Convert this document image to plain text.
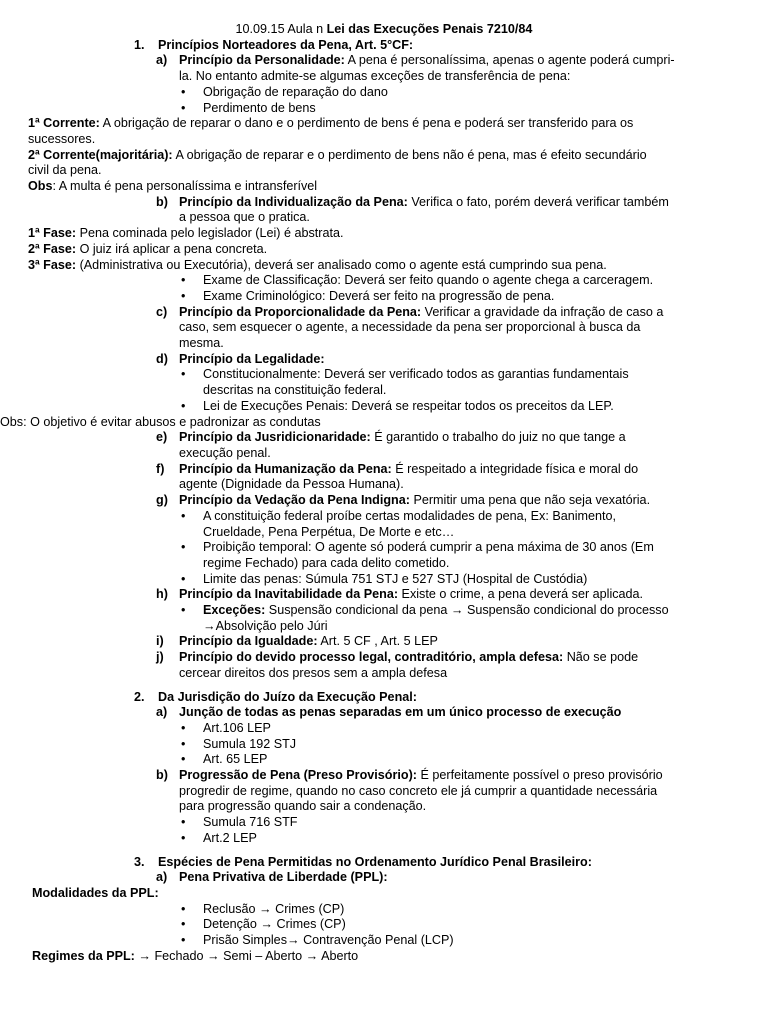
10.09.15 Aula n Lei das Execuções Penais 7210/84
1. Princípios Norteadores da Pena, Art. 5°CF:

a) Princípio da Personalidade: A pena é personalíssima, apenas o agente poderá cumpri-

la. No entanto admite-se algumas exceções de transferência de pena:
• Obrigação de reparação do dano

• Perdimento de bens

1ª Corrente: A obrigação de reparar o dano e o perdimento de bens é pena e poderá ser transferido para os
sucessores.
2ª Corrente(majoritária): A obrigação de reparar e o perdimento de bens não é pena, mas é efeito secundário
civil da pena.
Obs: A multa é pena personalíssima e intransferível
b) Princípio da Individualização da Pena: Verifica o fato, porém deverá verificar também

a pessoa que o pratica.
1ª Fase: Pena cominada pelo legislador (Lei) é abstrata.
2ª Fase: O juiz irá aplicar a pena concreta.
3ª Fase: (Administrativa ou Executória), deverá ser analisado como o agente está cumprindo sua pena.
• Exame de Classificação: Deverá ser feito quando o agente chega a carceragem.

• Exame Criminológico: Deverá ser feito na progressão de pena.

c) Princípio da Proporcionalidade da Pena: Verificar a gravidade da infração de caso a

caso, sem esquecer o agente, a necessidade da pena ser proporcional à busca da
mesma.
d) Princípio da Legalidade:

• Constitucionalmente: Deverá ser verificado todos as garantias fundamentais

descritas na constituição federal.
• Lei de Execuções Penais: Deverá se respeitar todos os preceitos da LEP.

Obs: O objetivo é evitar abusos e padronizar as condutas
e) Princípio da Jusridicionaridade: É garantido o trabalho do juiz no que tange a

execução penal.
f) Princípio da Humanização da Pena: É respeitado a integridade física e moral do

agente (Dignidade da Pessoa Humana).
g) Princípio da Vedação da Pena Indigna: Permitir uma pena que não seja vexatória.

• A constituição federal proíbe certas modalidades de pena, Ex: Banimento,

Crueldade, Pena Perpétua, De Morte e etc…
• Proibição temporal: O agente só poderá cumprir a pena máxima de 30 anos (Em

regime Fechado) para cada delito cometido.
• Limite das penas: Súmula 751 STJ e 527 STJ (Hospital de Custódia)

h) Princípio da Inavitabilidade da Pena: Existe o crime, a pena deverá ser aplicada.

• Exceções: Suspensão condicional da pena → Suspensão condicional do processo

→Absolvição pelo Júri
i) Princípio da Igualdade: Art. 5 CF , Art. 5 LEP

j) Princípio do devido processo legal, contraditório, ampla defesa: Não se pode

cercear direitos dos presos sem a ampla defesa
2. Da Jurisdição do Juízo da Execução Penal:

a) Junção de todas as penas separadas em um único processo de execução

• Art.106 LEP

• Sumula 192 STJ

• Art. 65 LEP

b) Progressão de Pena (Preso Provisório): É perfeitamente possível o preso provisório

progredir de regime, quando no caso concreto ele já cumprir a quantidade necessária
para progressão quando sair a condenação.
• Sumula 716 STF

• Art.2 LEP

3. Espécies de Pena Permitidas no Ordenamento Jurídico Penal Brasileiro:

a) Pena Privativa de Liberdade (PPL):

Modalidades da PPL:
• Reclusão → Crimes (CP)

• Detenção → Crimes (CP)

• Prisão Simples→ Contravenção Penal (LCP)

Regimes da PPL: → Fechado → Semi – Aberto → Aberto
